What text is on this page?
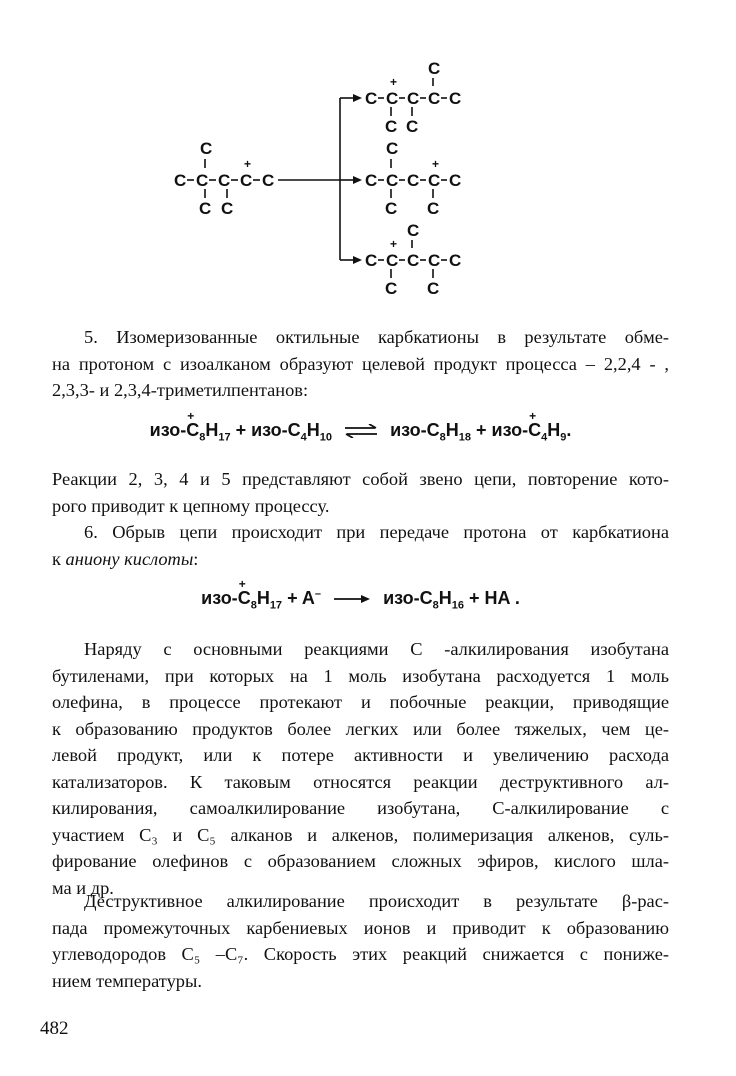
C C C C
+
C
C
C C
C C
+
C C C
C
C C
C C C C
+
C
C
C C
C C
+
C C C
C
C C
5. Изомеризованные октильные карбкатионы в результате обме-
на протоном с изоалканом образуют целевой продукт процесса – 2,2,4 - ,
2,3,3- и 2,3,4-триметилпентанов:
изо-
+
$C_8H_{17} + изо-C_4H_{10}$ ⇌ изо-$C_8H_{18} + изо-$
+
$C_4H_9$.
Реакции 2, 3, 4 и 5 представляют собой звено цепи, повторение кото-
рого приводит к цепному процессу.
6. Обрыв цепи происходит при передаче протона от карбкатиона
к аниону кислоты:
изо-
+
$C_8H_{17} + A^- \to изо-C_8H_{16}$ + HA .
Наряду с основными реакциями С -алкилирования изобутана
бутиленами, при которых на 1 моль изобутана расходуется 1 моль
олефина, в процессе протекают и побочные реакции, приводящие
к образованию продуктов более легких или более тяжелых, чем це-
левой продукт, или к потере активности и увеличению расхода
катализаторов. К таковым относятся реакции деструктивного ал-
килирования, самоалкилирование изобутана, С-алкилирование с
участием C₃ и C₅ алканов и алкенов, полимеризация алкенов, суль-
фирование олефинов с образованием сложных эфиров, кислого шла-
ма и др.
Деструктивное алкилирование происходит в результате β-рас-
пада промежуточных карбениевых ионов и приводит к образованию
углеводородов C₅ –C₇. Скорость этих реакций снижается с пониже-
нием температуры.
482
